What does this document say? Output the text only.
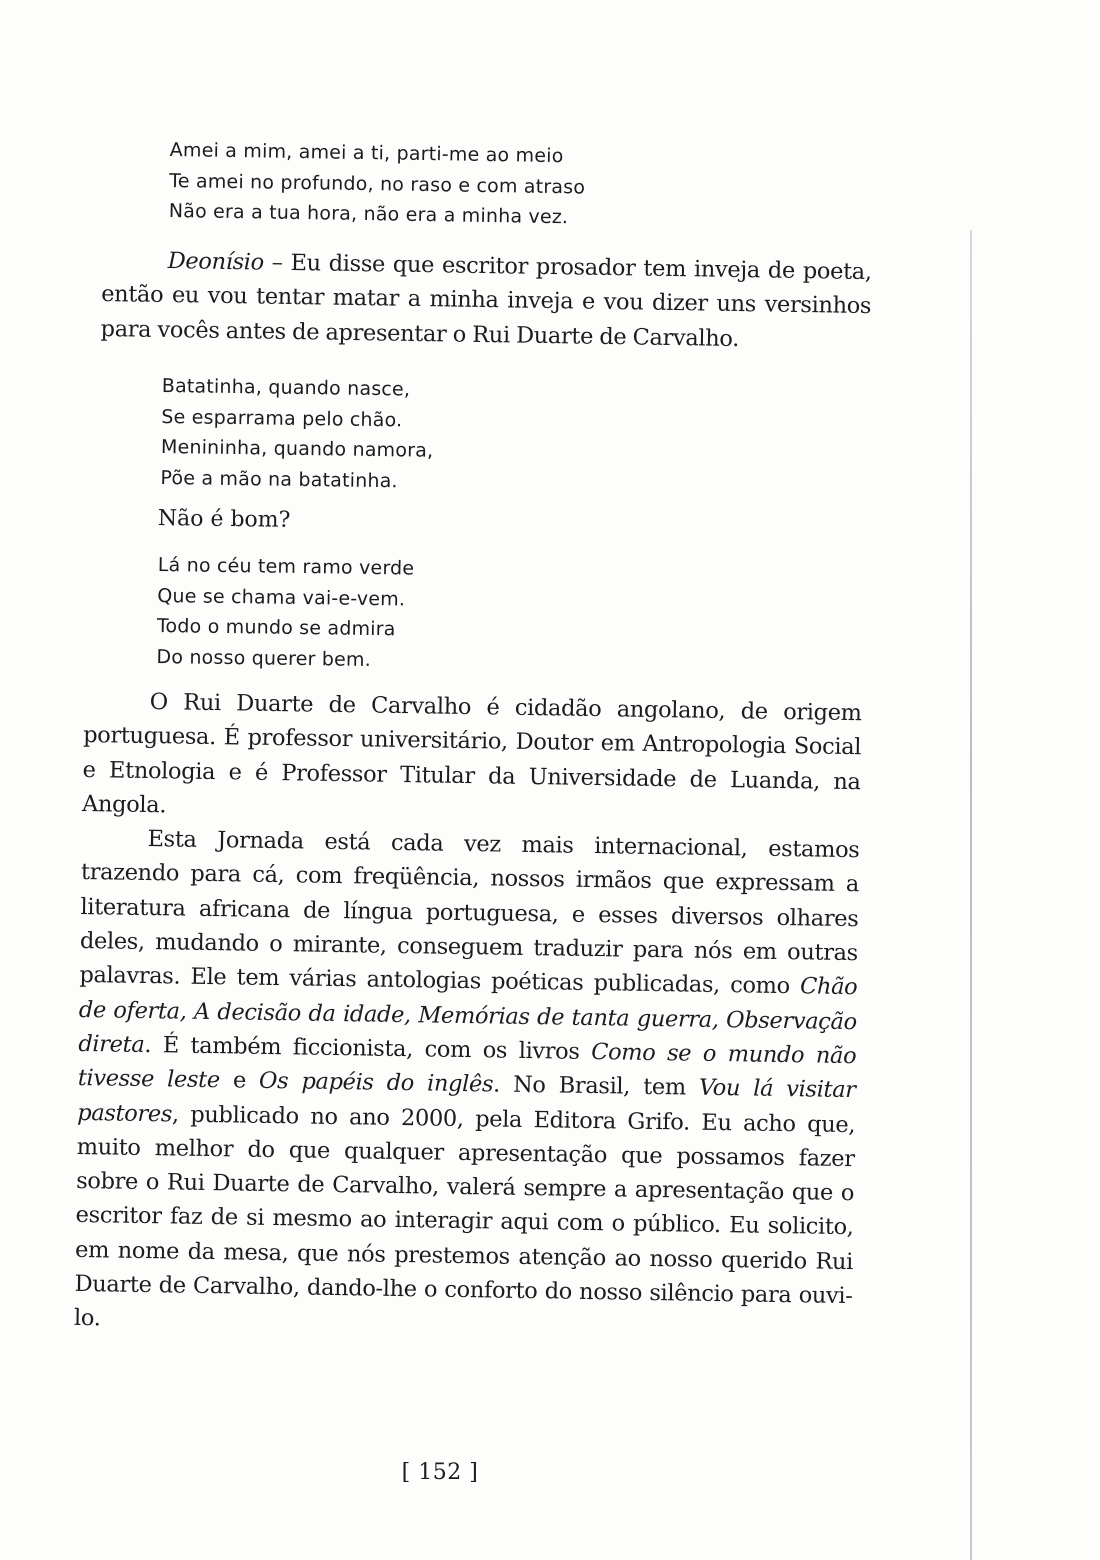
Amei a mim, amei a ti, parti-me ao meio
Te amei no profundo, no raso e com atraso
Não era a tua hora, não era a minha vez.

Deonísio – Eu disse que escritor prosador tem inveja de poeta, então eu vou tentar matar a minha inveja e vou dizer uns versinhos para vocês antes de apresentar o Rui Duarte de Carvalho.

Batatinha, quando nasce,
Se esparrama pelo chão.
Menininha, quando namora,
Põe a mão na batatinha.
Não é bom?
Lá no céu tem ramo verde
Que se chama vai-e-vem.
Todo o mundo se admira
Do nosso querer bem.

O Rui Duarte de Carvalho é cidadão angolano, de origem portuguesa. É professor universitário, Doutor em Antropologia Social e Etnologia e é Professor Titular da Universidade de Luanda, na Angola.

Esta Jornada está cada vez mais internacional, estamos trazendo para cá, com freqüência, nossos irmãos que expressam a literatura africana de língua portuguesa, e esses diversos olhares deles, mudando o mirante, conseguem traduzir para nós em outras palavras. Ele tem várias antologias poéticas publicadas, como Chão de oferta, A decisão da idade, Memórias de tanta guerra, Observação direta. É também ficcionista, com os livros Como se o mundo não tivesse leste e Os papéis do inglês. No Brasil, tem Vou lá visitar pastores, publicado no ano 2000, pela Editora Grifo. Eu acho que, muito melhor do que qualquer apresentação que possamos fazer sobre o Rui Duarte de Carvalho, valerá sempre a apresentação que o escritor faz de si mesmo ao interagir aqui com o público. Eu solicito, em nome da mesa, que nós prestemos atenção ao nosso querido Rui Duarte de Carvalho, dando-lhe o conforto do nosso silêncio para ouvi-lo.

[ 152 ]
